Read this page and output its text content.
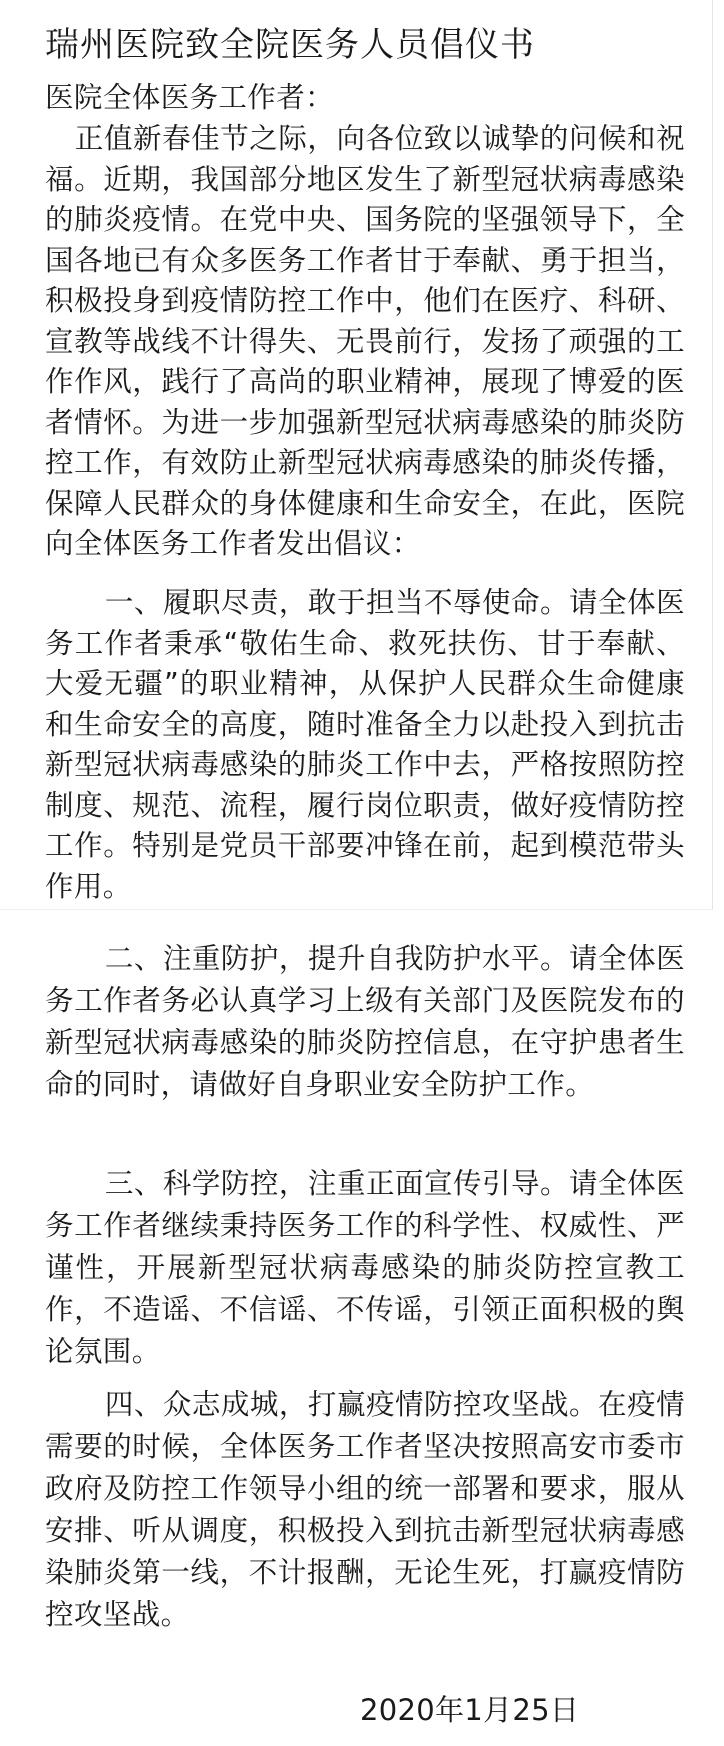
瑞州医院致全院医务人员倡仪书

医院全体医务工作者：

正值新春佳节之际，向各位致以诚挚的问候和祝福。近期，我国部分地区发生了新型冠状病毒感染的肺炎疫情。在党中央、国务院的坚强领导下，全国各地已有众多医务工作者甘于奉献、勇于担当，积极投身到疫情防控工作中，他们在医疗、科研、宣教等战线不计得失、无畏前行，发扬了顽强的工作作风，践行了高尚的职业精神，展现了博爱的医者情怀。为进一步加强新型冠状病毒感染的肺炎防控工作，有效防止新型冠状病毒感染的肺炎传播，保障人民群众的身体健康和生命安全，在此，医院向全体医务工作者发出倡议：

一、履职尽责，敢于担当不辱使命。请全体医务工作者秉承“敬佑生命、救死扶伤、甘于奉献、大爱无疆”的职业精神，从保护人民群众生命健康和生命安全的高度，随时准备全力以赴投入到抗击新型冠状病毒感染的肺炎工作中去，严格按照防控制度、规范、流程，履行岗位职责，做好疫情防控工作。特别是党员干部要冲锋在前，起到模范带头作用。

二、注重防护，提升自我防护水平。请全体医务工作者务必认真学习上级有关部门及医院发布的新型冠状病毒感染的肺炎防控信息，在守护患者生命的同时，请做好自身职业安全防护工作。

三、科学防控，注重正面宣传引导。请全体医务工作者继续秉持医务工作的科学性、权威性、严谨性，开展新型冠状病毒感染的肺炎防控宣教工作，不造谣、不信谣、不传谣，引领正面积极的舆论氛围。

四、众志成城，打赢疫情防控攻坚战。在疫情需要的时候，全体医务工作者坚决按照高安市委市政府及防控工作领导小组的统一部署和要求，服从安排、听从调度，积极投入到抗击新型冠状病毒感染肺炎第一线，不计报酬，无论生死，打赢疫情防控攻坚战。

2020年1月25日
